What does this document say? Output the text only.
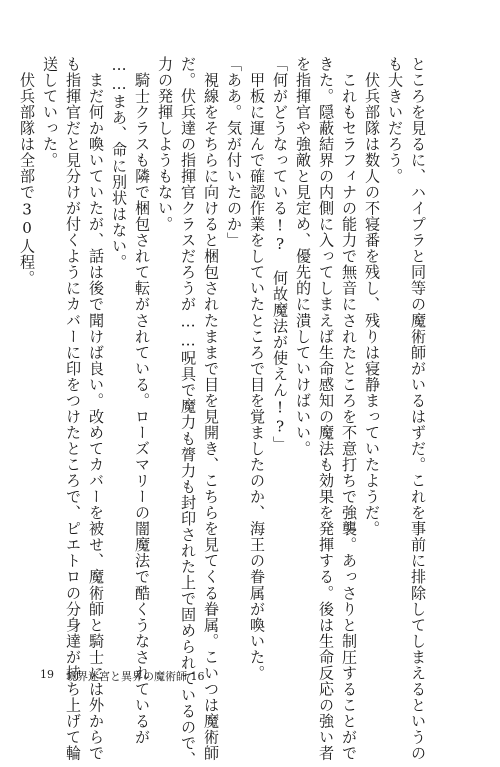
ところを見るに、ハイプラと同等の魔術師がいるはずだ。これを事前に排除してしまえるというの
も大きいだろう。
　伏兵部隊は数人の不寝番を残し、残りは寝静まっていたようだ。
　これもセラフィナの能力で無音にされたところを不意打ちで強襲。あっさりと制圧することがで
きた。隠蔽結界の内側に入ってしまえば生命感知の魔法も効果を発揮する。後は生命反応の強い者
を指揮官や強敵と見定め、優先的に潰していけばいい。
「何がどうなっている!?　何故魔法が使えん!?」
　甲板に運んで確認作業をしていたところで目を覚ましたのか、海王の眷属が喚いた。
「ああ。気が付いたのか」
　視線をそちらに向けると梱包されたままで目を見開き、こちらを見てくる眷属。こいつは魔術師
だ。伏兵達の指揮官クラスだろうが……呪具で魔力も膂力も封印された上で固められているので、
力の発揮しようもない。
　騎士クラスも隣で梱包されて転がされている。ローズマリーの闇魔法で酷くうなされているが
……まあ、命に別状はない。
　まだ何か喚いていたが、話は後で聞けば良い。改めてカバーを被せ、魔術師と騎士には外からで
も指揮官だと見分けが付くようにカバーに印をつけたところで、ピエトロの分身達が持ち上げて輪
送していった。
　伏兵部隊は全部で30人程。
19 境界迷宮と異界の魔術師 16
